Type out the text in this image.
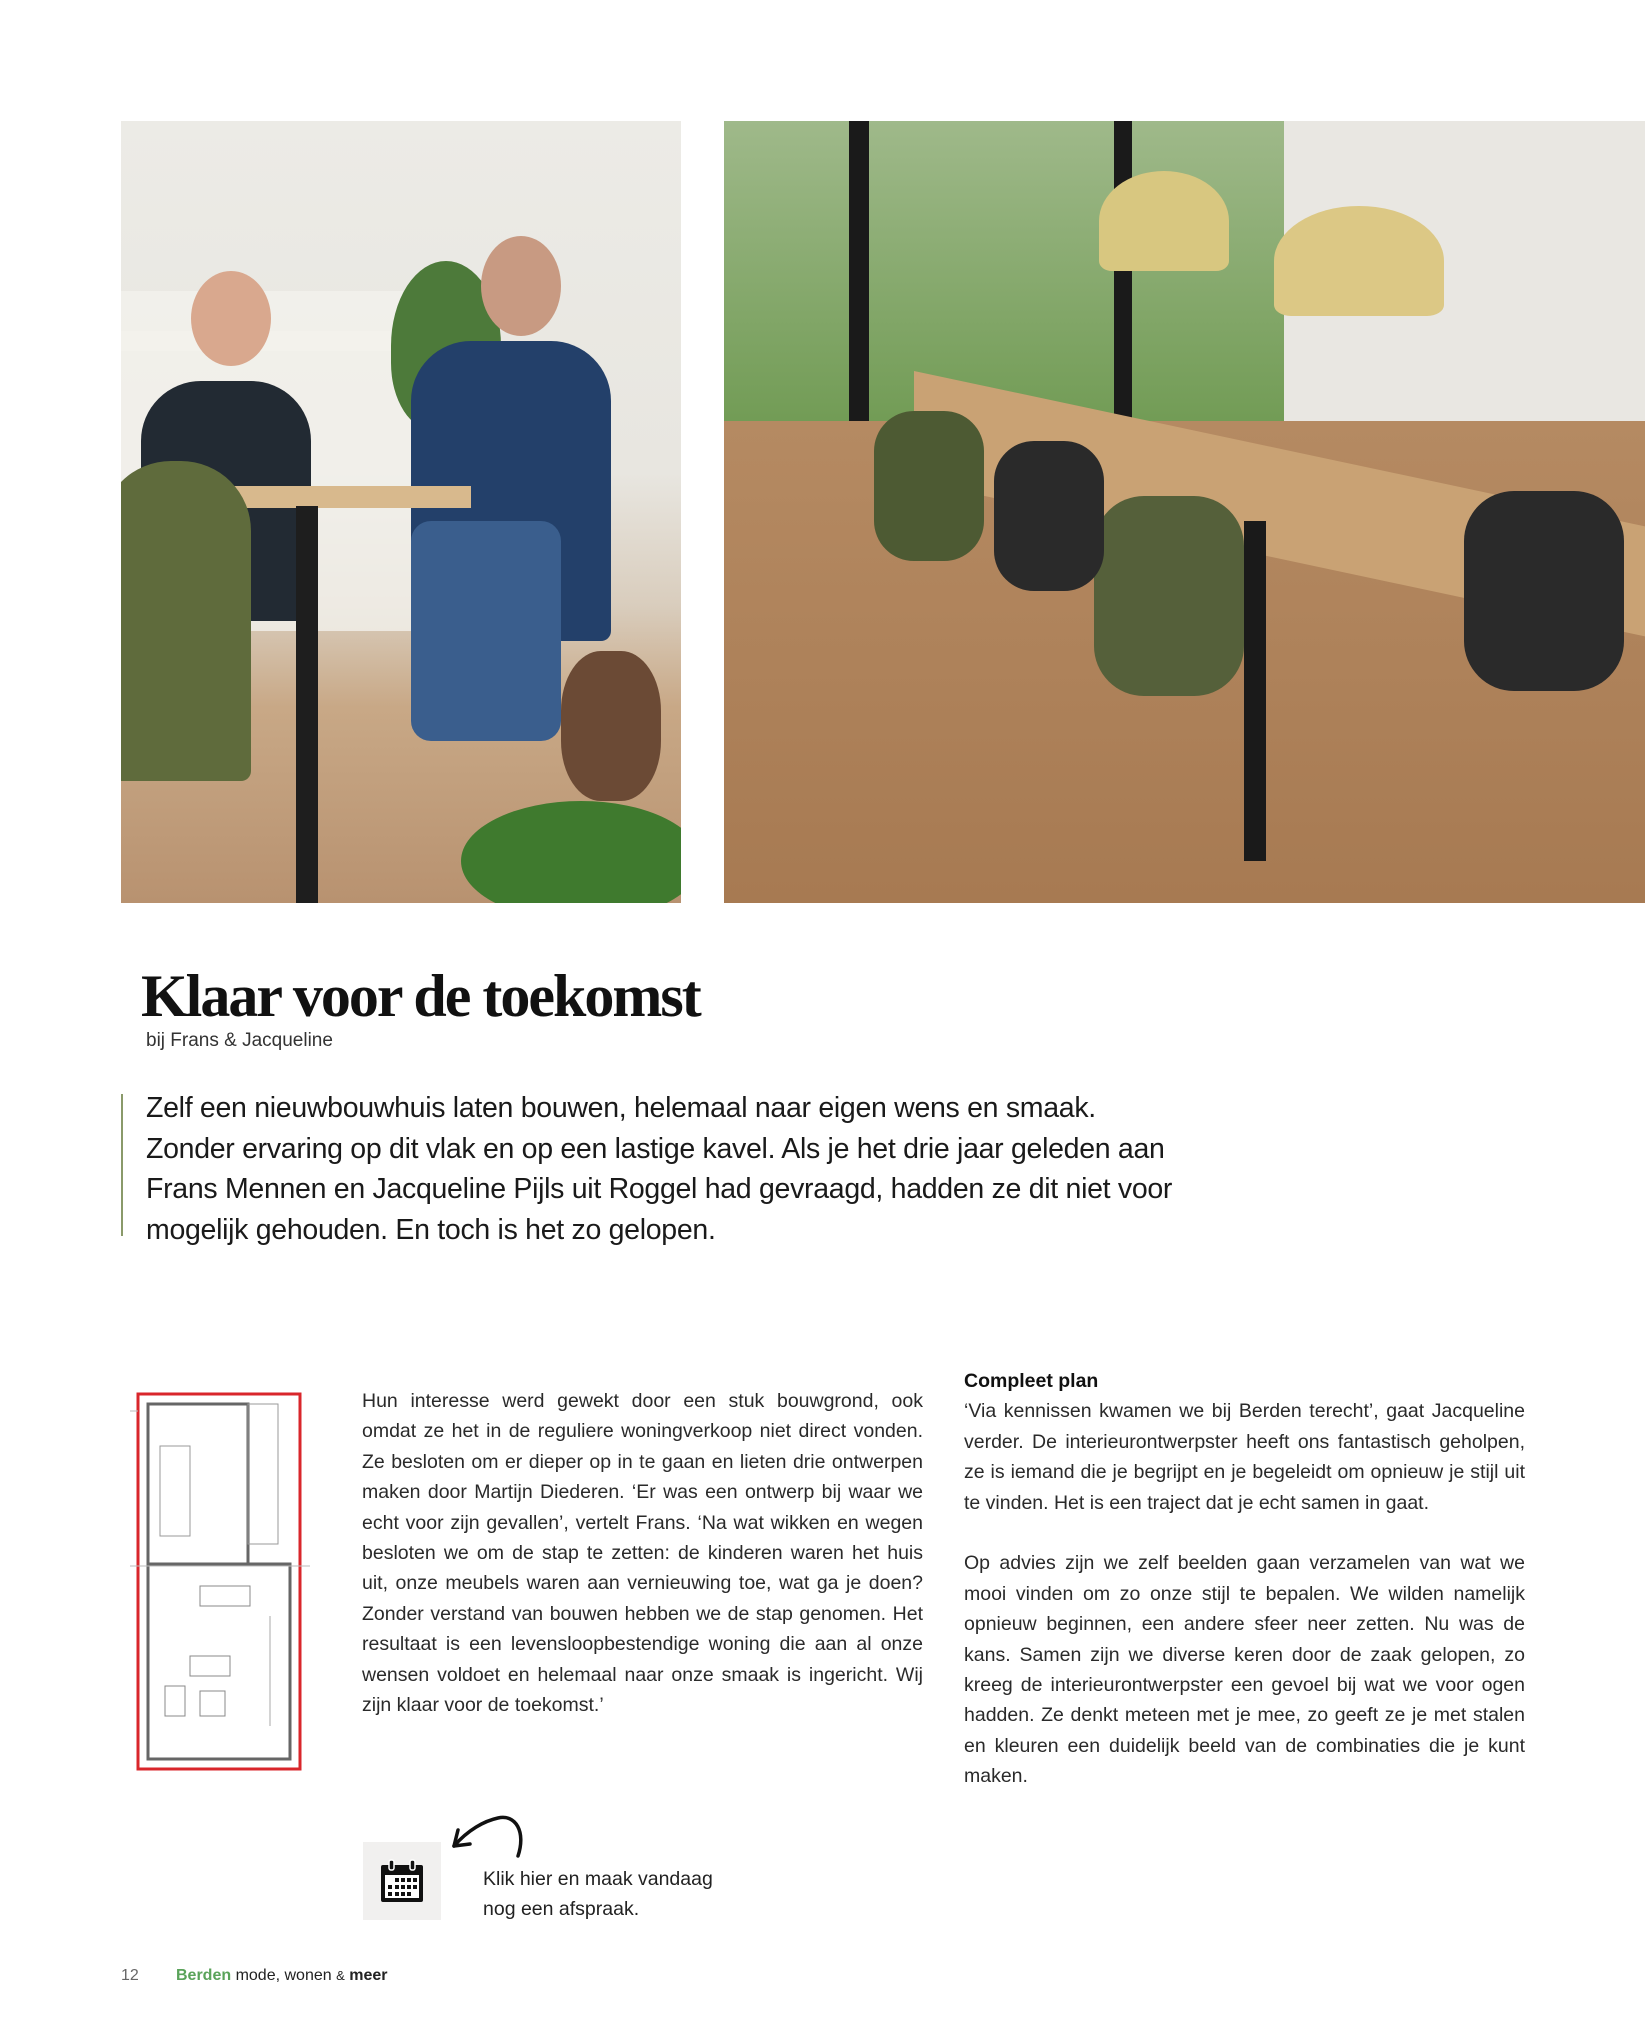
Klaar voor de toekomst
bij Frans & Jacqueline
Zelf een nieuwbouwhuis laten bouwen, helemaal naar eigen wens en smaak. Zonder ervaring op dit vlak en op een lastige kavel. Als je het drie jaar geleden aan Frans Mennen en Jacqueline Pijls uit Roggel had gevraagd, hadden ze dit niet voor mogelijk gehouden. En toch is het zo gelopen.
Hun interesse werd gewekt door een stuk bouwgrond, ook omdat ze het in de reguliere woningverkoop niet direct vonden. Ze besloten om er dieper op in te gaan en lieten drie ontwerpen maken door Martijn Diederen. ‘Er was een ontwerp bij waar we echt voor zijn gevallen’, vertelt Frans. ‘Na wat wikken en wegen besloten we om de stap te zetten: de kinderen waren het huis uit, onze meubels waren aan vernieuwing toe, wat ga je doen? Zonder verstand van bouwen hebben we de stap genomen. Het resultaat is een levensloopbestendige woning die aan al onze wensen voldoet en helemaal naar onze smaak is ingericht. Wij zijn klaar voor de toekomst.’
Compleet plan

‘Via kennissen kwamen we bij Berden terecht’, gaat Jacqueline verder. De interieurontwerpster heeft ons fantastisch geholpen, ze is iemand die je begrijpt en je begeleidt om opnieuw je stijl uit te vinden. Het is een traject dat je echt samen in gaat.

Op advies zijn we zelf beelden gaan verzamelen van wat we mooi vinden om zo onze stijl te bepalen. We wilden namelijk opnieuw beginnen, een andere sfeer neer zetten. Nu was de kans. Samen zijn we diverse keren door de zaak gelopen, zo kreeg de interieurontwerpster een gevoel bij wat we voor ogen hadden. Ze denkt meteen met je mee, zo geeft ze je met stalen en kleuren een duidelijk beeld van de combinaties die je kunt maken.

Klik hier en maak vandaag
nog een afspraak.
12 Berden mode, wonen & meer
